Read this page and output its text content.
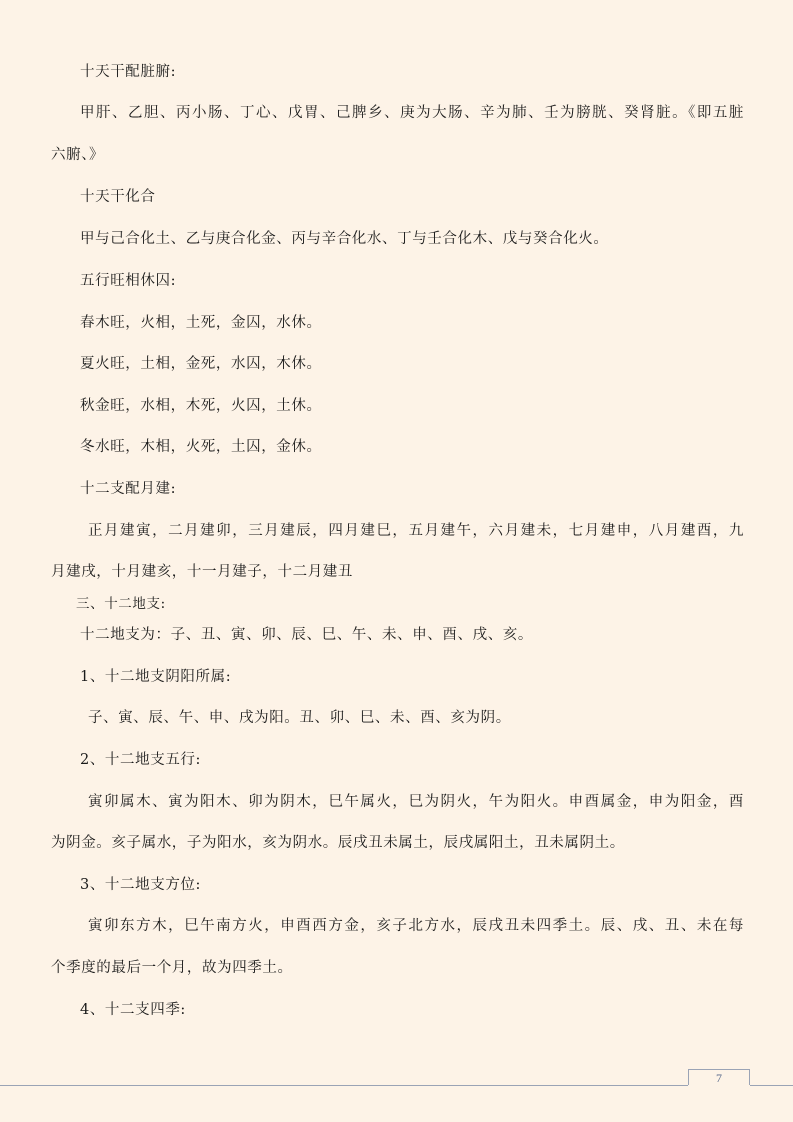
十天干配脏腑:
甲肝、乙胆、丙小肠、丁心、戊胃、己脾乡、庚为大肠、辛为肺、壬为膀胱、癸肾脏。《即五脏
六腑、》
十天干化合
甲与己合化土、乙与庚合化金、丙与辛合化水、丁与壬合化木、戊与癸合化火。
五行旺相休囚:
春木旺，火相，土死，金囚，水休。
夏火旺，土相，金死，水囚，木休。
秋金旺，水相，木死，火囚，土休。
冬水旺，木相，火死，土囚，金休。
十二支配月建:
正月建寅，二月建卯，三月建辰，四月建巳，五月建午，六月建未，七月建申，八月建酉，九
月建戌，十月建亥，十一月建子，十二月建丑
三、十二地支:
十二地支为：子、丑、寅、卯、辰、巳、午、未、申、酉、戌、亥。
1、十二地支阴阳所属:
子、寅、辰、午、申、戌为阳。丑、卯、巳、未、酉、亥为阴。
2、十二地支五行:
寅卯属木、寅为阳木、卯为阴木，巳午属火，巳为阴火，午为阳火。申酉属金，申为阳金，酉
为阴金。亥子属水，子为阳水，亥为阴水。辰戌丑未属土，辰戌属阳土，丑未属阴土。
3、十二地支方位:
寅卯东方木，巳午南方火，申酉西方金，亥子北方水，辰戌丑未四季土。辰、戌、丑、未在每
个季度的最后一个月，故为四季土。
4、十二支四季:
7
